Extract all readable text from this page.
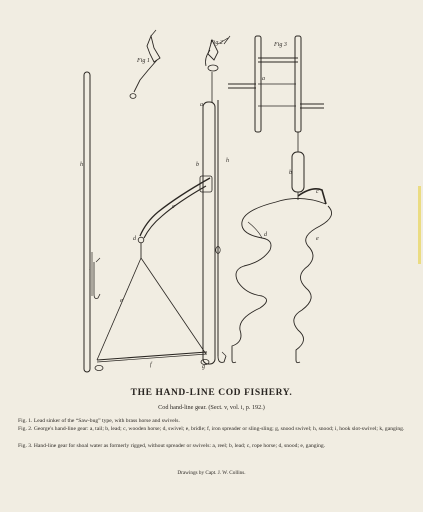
Fig 1
Fig 2	Fig 3
a
b
c
d
e
f	g
h
h
i
a
b
c
d
e
THE HAND-LINE COD FISHERY.
Cod hand-line gear. (Sect. v, vol. i, p. 192.)
Fig. 1. Lead sinker of the “Saw-bug” type, with brass horse and swivels.
Fig. 2. George's hand-line gear: a, tail; b, lead; c, wooden horse; d, swivel; e, bridle; f, iron spreader or sling-sling; g, snood swivel; h, snood; i, hook slot-swivel; k, ganging.
Fig. 3. Hand-line gear for shoal water as formerly rigged, without spreader or swivels: a, reel; b, lead; c, rope horse; d, snood; e, ganging.
Drawings by Capt. J. W. Collins.
